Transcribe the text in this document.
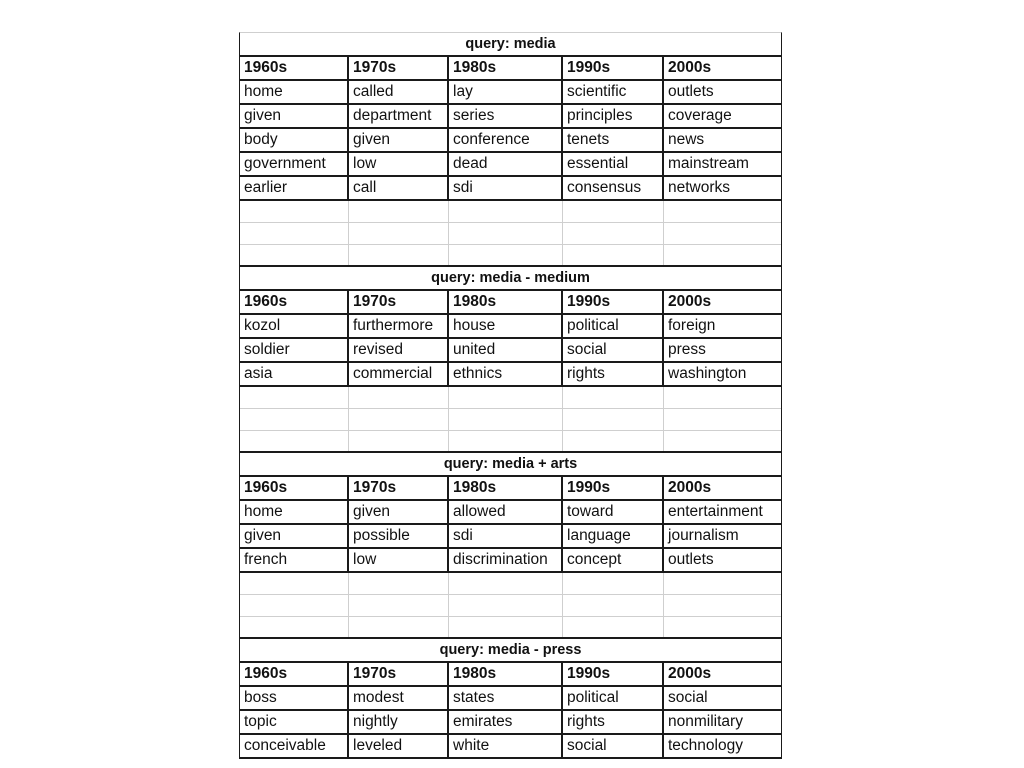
query: media				
1960s	1970s	1980s	1990s	2000s
home	called	lay	scientific	outlets
given	department	series	principles	coverage
body	given	conference	tenets	news
government	low	dead	essential	mainstream
earlier	call	sdi	consensus	networks

query: media - medium				
1960s	1970s	1980s	1990s	2000s
kozol	furthermore	house	political	foreign
soldier	revised	united	social	press
asia	commercial	ethnics	rights	washington

query: media + arts				
1960s	1970s	1980s	1990s	2000s
home	given	allowed	toward	entertainment
given	possible	sdi	language	journalism
french	low	discrimination	concept	outlets

query: media - press				
1960s	1970s	1980s	1990s	2000s
boss	modest	states	political	social
topic	nightly	emirates	rights	nonmilitary
conceivable	leveled	white	social	technology
